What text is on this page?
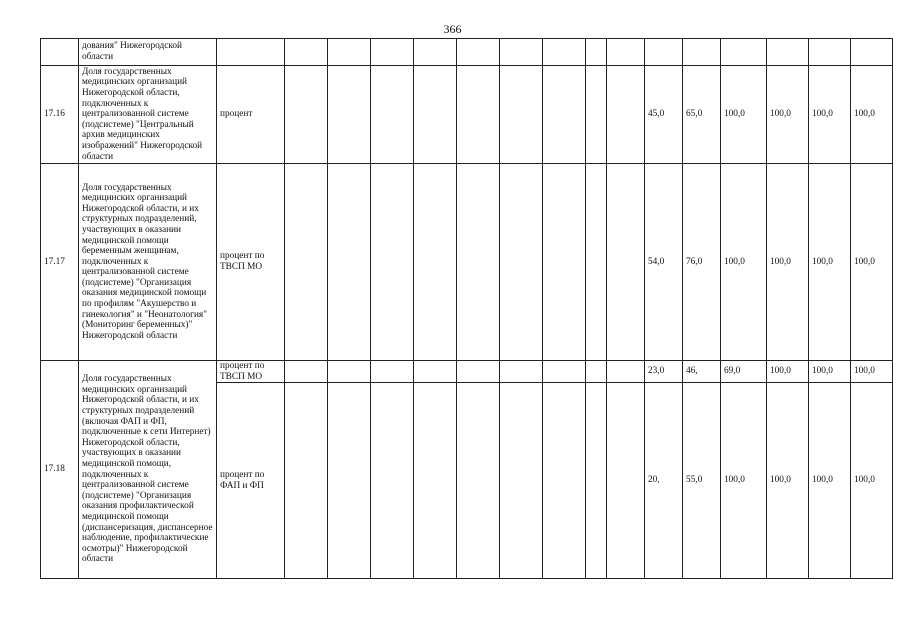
366
	дования" Нижегородской области																
17.16	Доля государственных медицинских организаций Нижегородской области, подключенных к централизованной системе (подсистеме) "Центральный архив медицинских изображений" Нижегородской области	процент										45,0	65,0	100,0	100,0	100,0	100,0
17.17	Доля государственных медицинских организаций Нижегородской области, и их структурных подразделений, участвующих в оказании медицинской помощи беременным женщинам, подключенных к централизованной системе (подсистеме) "Организация оказания медицинской помощи по профилям "Акушерство и гинекология" и "Неонатология" (Мониторинг беременных)" Нижегородской области	процент по ТВСП МО										54,0	76,0	100,0	100,0	100,0	100,0
17.18	Доля государственных медицинских организаций Нижегородской области, и их структурных подразделений (включая ФАП и ФП, подключенные к сети Интернет) Нижегородской области, участвующих в оказании медицинской помощи, подключенных к централизованной системе (подсистеме) "Организация оказания профилактической медицинской помощи (диспансеризация, диспансерное наблюдение, профилактические осмотры)" Нижегородской области	процент по ТВСП МО										23,0	46,	69,0	100,0	100,0	100,0
		процент по ФАП и ФП										20,	55,0	100,0	100,0	100,0	100,0
